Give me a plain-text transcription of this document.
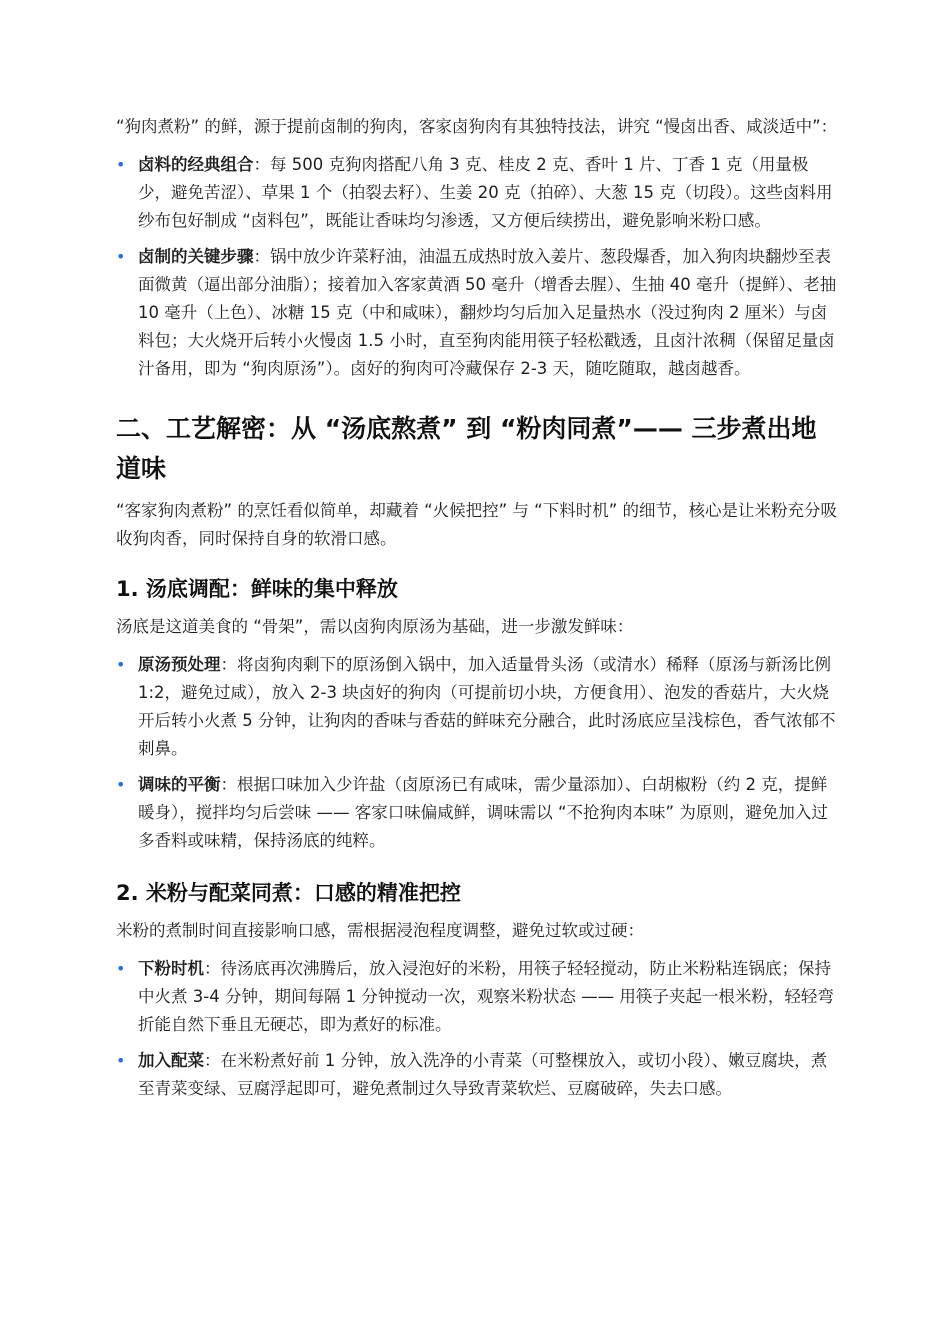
“狗肉煮粉” 的鲜，源于提前卤制的狗肉，客家卤狗肉有其独特技法，讲究 “慢卤出香、咸淡适中”：

• 卤料的经典组合：每 500 克狗肉搭配八角 3 克、桂皮 2 克、香叶 1 片、丁香 1 克（用量极少，避免苦涩）、草果 1 个（拍裂去籽）、生姜 20 克（拍碎）、大葱 15 克（切段）。这些卤料用纱布包好制成 “卤料包”，既能让香味均匀渗透，又方便后续捞出，避免影响米粉口感。
• 卤制的关键步骤：锅中放少许菜籽油，油温五成热时放入姜片、葱段爆香，加入狗肉块翻炒至表面微黄（逼出部分油脂）；接着加入客家黄酒 50 毫升（增香去腥）、生抽 40 毫升（提鲜）、老抽 10 毫升（上色）、冰糖 15 克（中和咸味），翻炒均匀后加入足量热水（没过狗肉 2 厘米）与卤料包；大火烧开后转小火慢卤 1.5 小时，直至狗肉能用筷子轻松戳透，且卤汁浓稠（保留足量卤汁备用，即为 “狗肉原汤”）。卤好的狗肉可冷藏保存 2-3 天，随吃随取，越卤越香。
二、工艺解密：从 “汤底熬煮” 到 “粉肉同煮”—— 三步煮出地道味

“客家狗肉煮粉” 的烹饪看似简单，却藏着 “火候把控” 与 “下料时机” 的细节，核心是让米粉充分吸收狗肉香，同时保持自身的软滑口感。

1. 汤底调配：鲜味的集中释放

汤底是这道美食的 “骨架”，需以卤狗肉原汤为基础，进一步激发鲜味：

• 原汤预处理：将卤狗肉剩下的原汤倒入锅中，加入适量骨头汤（或清水）稀释（原汤与新汤比例 1:2，避免过咸），放入 2-3 块卤好的狗肉（可提前切小块，方便食用）、泡发的香菇片，大火烧开后转小火煮 5 分钟，让狗肉的香味与香菇的鲜味充分融合，此时汤底应呈浅棕色，香气浓郁不刺鼻。
• 调味的平衡：根据口味加入少许盐（卤原汤已有咸味，需少量添加）、白胡椒粉（约 2 克，提鲜暖身），搅拌均匀后尝味 —— 客家口味偏咸鲜，调味需以 “不抢狗肉本味” 为原则，避免加入过多香料或味精，保持汤底的纯粹。
2. 米粉与配菜同煮：口感的精准把控

米粉的煮制时间直接影响口感，需根据浸泡程度调整，避免过软或过硬：

• 下粉时机：待汤底再次沸腾后，放入浸泡好的米粉，用筷子轻轻搅动，防止米粉粘连锅底；保持中火煮 3-4 分钟，期间每隔 1 分钟搅动一次，观察米粉状态 —— 用筷子夹起一根米粉，轻轻弯折能自然下垂且无硬芯，即为煮好的标准。
• 加入配菜：在米粉煮好前 1 分钟，放入洗净的小青菜（可整棵放入，或切小段）、嫩豆腐块，煮至青菜变绿、豆腐浮起即可，避免煮制过久导致青菜软烂、豆腐破碎，失去口感。
